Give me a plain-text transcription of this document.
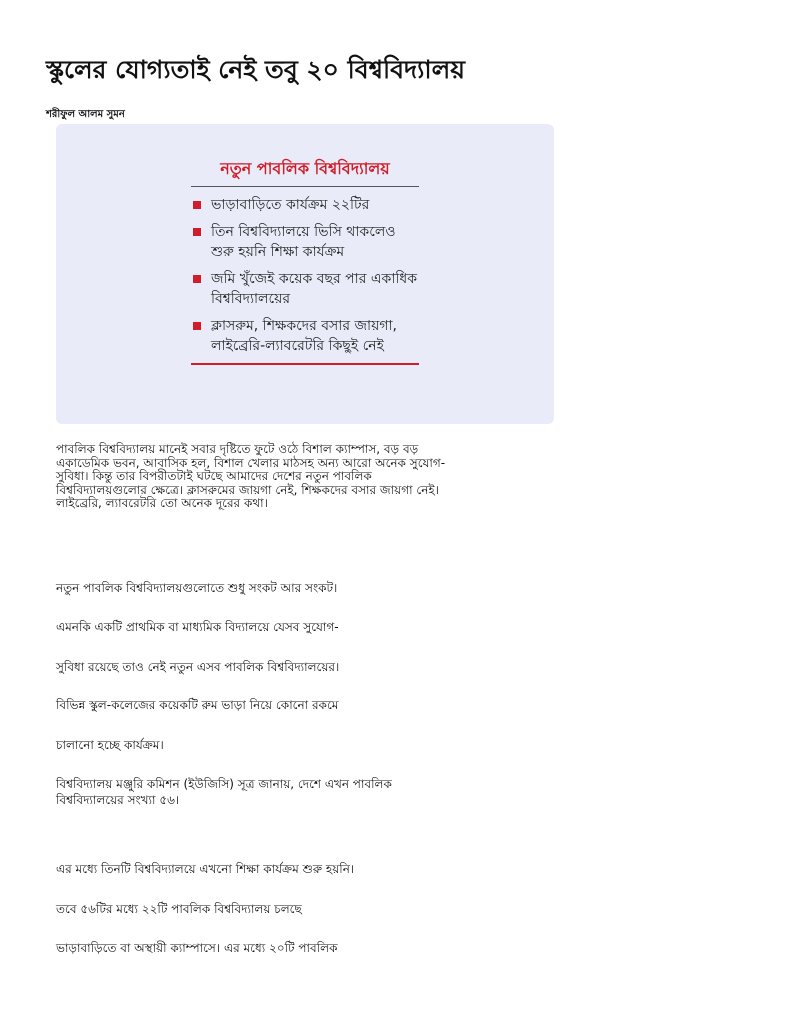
স্কুলের যোগ্যতাই নেই তবু ২০ বিশ্ববিদ্যালয়
শরীফুল আলম সুমন
নতুন পাবলিক বিশ্ববিদ্যালয়
ভাড়াবাড়িতে কার্যক্রম ২২টির
তিন বিশ্ববিদ্যালয়ে ভিসি থাকলেও শুরু হয়নি শিক্ষা কার্যক্রম
জমি খুঁজেই কয়েক বছর পার একাধিক বিশ্ববিদ্যালয়ের
ক্লাসরুম, শিক্ষকদের বসার জায়গা, লাইব্রেরি-ল্যাবরেটরি কিছুই নেই

পাবলিক বিশ্ববিদ্যালয় মানেই সবার দৃষ্টিতে ফুটে ওঠে বিশাল ক্যাম্পাস, বড় বড় একাডেমিক ভবন, আবাসিক হল, বিশাল খেলার মাঠসহ অন্য আরো অনেক সুযোগ-সুবিধা। কিন্তু তার বিপরীতটাই ঘটছে আমাদের দেশের নতুন পাবলিক বিশ্ববিদ্যালয়গুলোর ক্ষেত্রে। ক্লাসরুমের জায়গা নেই, শিক্ষকদের বসার জায়গা নেই। লাইব্রেরি, ল্যাবরেটরি তো অনেক দূরের কথা।

নতুন পাবলিক বিশ্ববিদ্যালয়গুলোতে শুধু সংকট আর সংকট।

এমনকি একটি প্রাথমিক বা মাধ্যমিক বিদ্যালয়ে যেসব সুযোগ-

সুবিধা রয়েছে তাও নেই নতুন এসব পাবলিক বিশ্ববিদ্যালয়ের।

বিভিন্ন স্কুল-কলেজের কয়েকটি রুম ভাড়া নিয়ে কোনো রকমে

চালানো হচ্ছে কার্যক্রম।

বিশ্ববিদ্যালয় মঞ্জুরি কমিশন (ইউজিসি) সূত্র জানায়, দেশে এখন পাবলিক বিশ্ববিদ্যালয়ের সংখ্যা ৫৬।

এর মধ্যে তিনটি বিশ্ববিদ্যালয়ে এখনো শিক্ষা কার্যক্রম শুরু হয়নি।

তবে ৫৬টির মধ্যে ২২টি পাবলিক বিশ্ববিদ্যালয় চলছে

ভাড়াবাড়িতে বা অস্থায়ী ক্যাম্পাসে। এর মধ্যে ২০টি পাবলিক
